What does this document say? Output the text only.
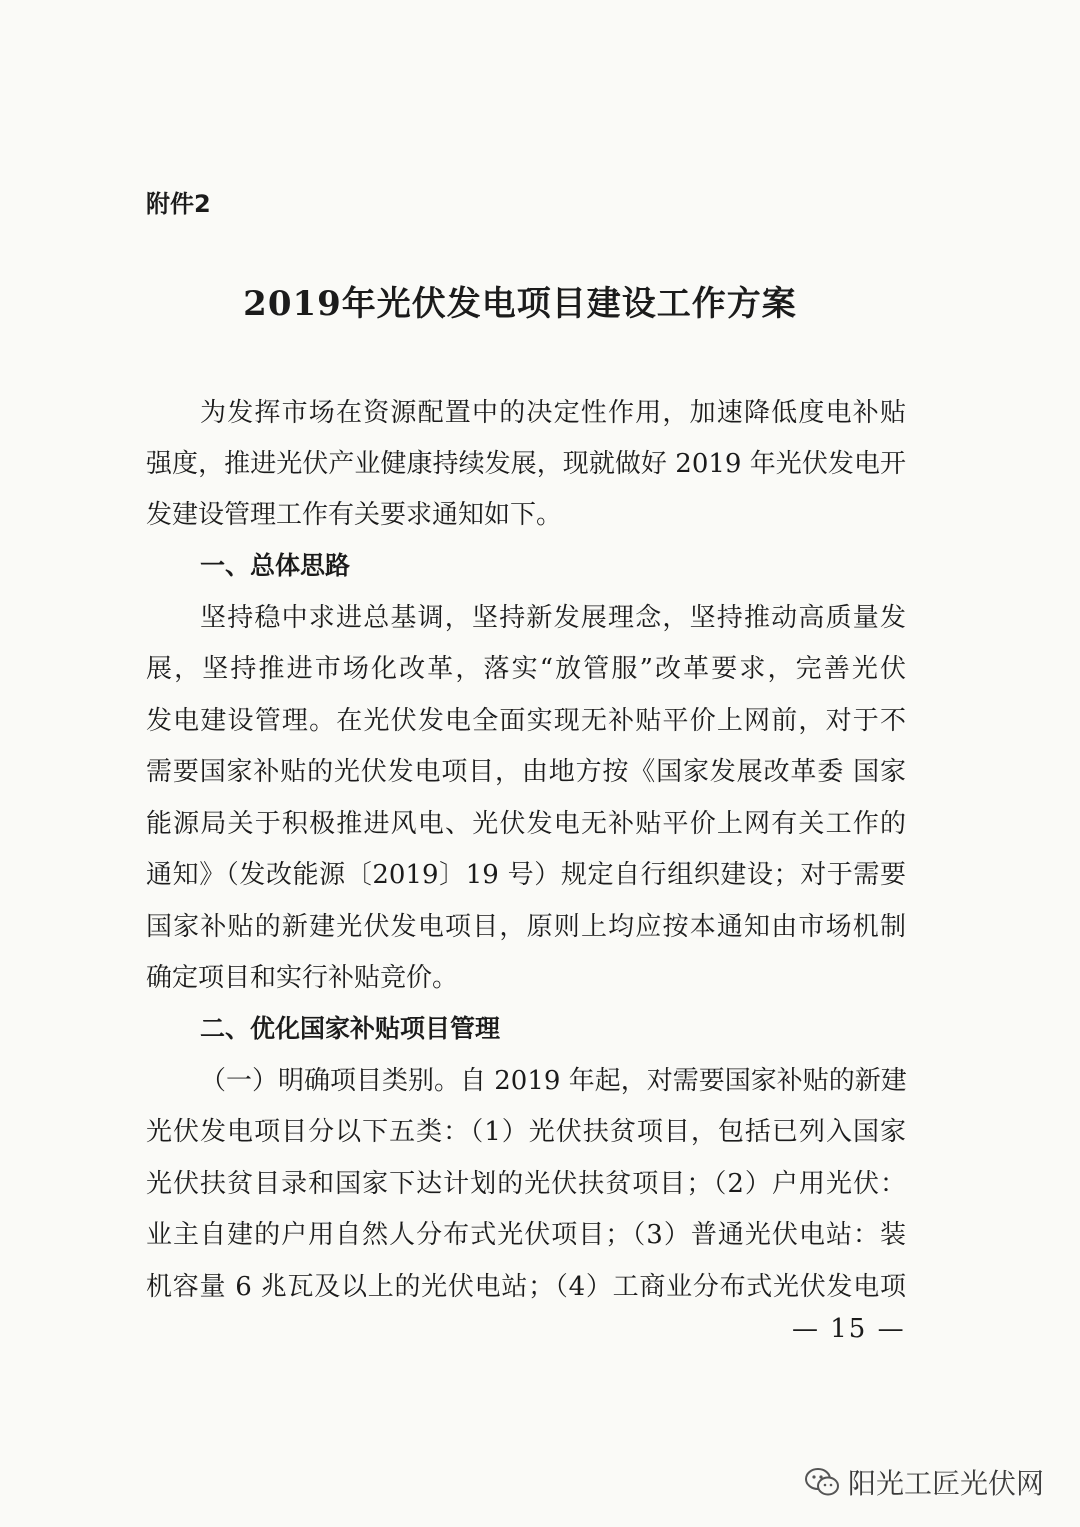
附件2
2019年光伏发电项目建设工作方案
为发挥市场在资源配置中的决定性作用，加速降低度电补贴
强度，推进光伏产业健康持续发展，现就做好 2019 年光伏发电开
发建设管理工作有关要求通知如下。
一、总体思路
坚持稳中求进总基调，坚持新发展理念，坚持推动高质量发
展，坚持推进市场化改革，落实“放管服”改革要求，完善光伏
发电建设管理。在光伏发电全面实现无补贴平价上网前，对于不
需要国家补贴的光伏发电项目，由地方按《国家发展改革委 国家
能源局关于积极推进风电、光伏发电无补贴平价上网有关工作的
通知》（发改能源〔2019〕19 号）规定自行组织建设；对于需要
国家补贴的新建光伏发电项目，原则上均应按本通知由市场机制
确定项目和实行补贴竞价。
二、优化国家补贴项目管理
（一）明确项目类别。自 2019 年起，对需要国家补贴的新建
光伏发电项目分以下五类：（1）光伏扶贫项目，包括已列入国家
光伏扶贫目录和国家下达计划的光伏扶贫项目；（2）户用光伏：
业主自建的户用自然人分布式光伏项目；（3）普通光伏电站：装
机容量 6 兆瓦及以上的光伏电站；（4）工商业分布式光伏发电项
— 15 —
阳光工匠光伏网
